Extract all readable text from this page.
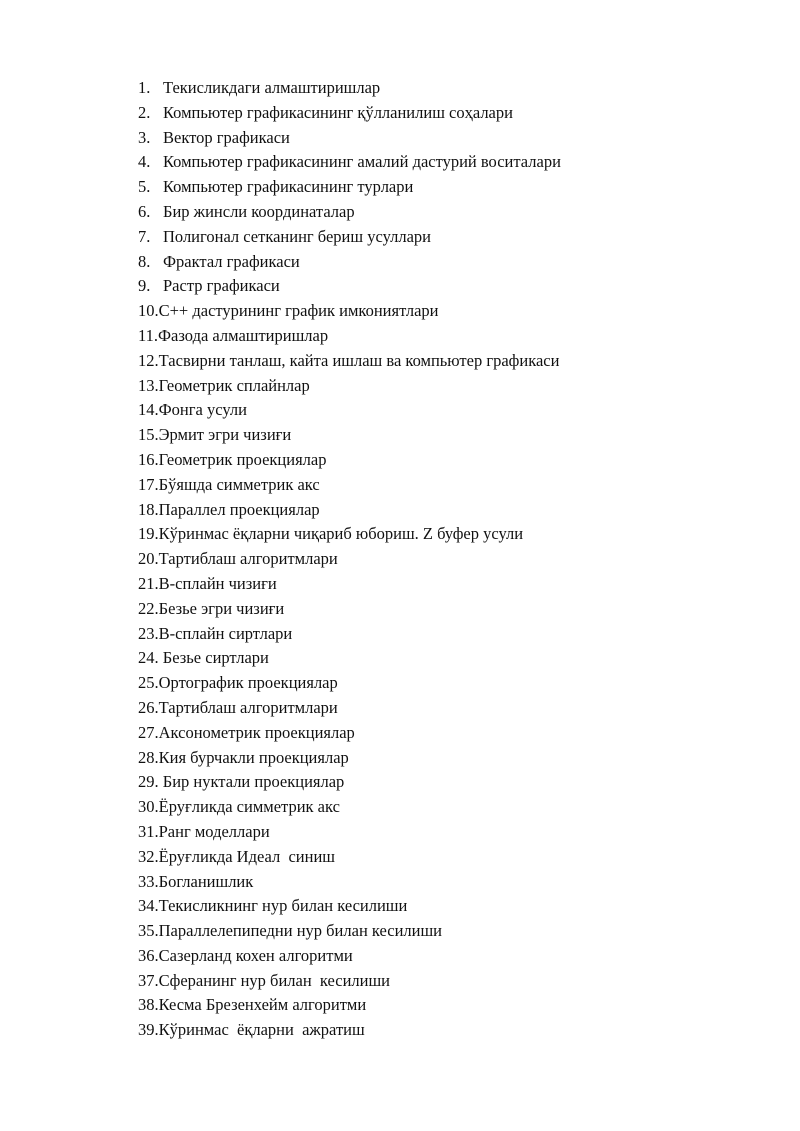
1. Текисликдаги алмаштиришлар
2. Компьютер графикасининг қўлланилиш соҳалари
3. Вектор графикаси
4. Компьютер графикасининг амалий дастурий воситалари
5. Компьютер графикасининг турлари
6. Бир жинсли координаталар
7. Полигонал сетканинг бериш усуллари
8. Фрактал графикаси
9. Растр графикаси
10.С++ дастурининг график имкониятлари
11.Фазода алмаштиришлар
12.Тасвирни танлаш, кайта ишлаш ва компьютер графикаси
13.Геометрик сплайнлар
14.Фонга усули
15.Эрмит эгри чизиғи
16.Геометрик проекциялар
17.Бўяшда симметрик акс
18.Параллел проекциялар
19.Кўринмас ёқларни чиқариб юбориш. Z буфер усули
20.Тартиблаш алгоритмлари
21.В-сплайн чизиғи
22.Безье эгри чизиғи
23.В-сплайн сиртлари
24. Безье сиртлари
25.Ортографик проекциялар
26.Тартиблаш алгоритмлари
27.Аксонометрик проекциялар
28.Кия бурчакли проекциялар
29. Бир нуктали проекциялар
30.Ёруғликда симметрик акс
31.Ранг моделлари
32.Ёруғликда Идеал  синиш
33.Богланишлик
34.Текисликнинг нур билан кесилиши
35.Параллелепипедни нур билан кесилиши
36.Сазерланд кохен алгоритми
37.Сферанинг нур билан  кесилиши
38.Кесма Брезенхейм алгоритми
39.Кўринмас  ёқларни  ажратиш
